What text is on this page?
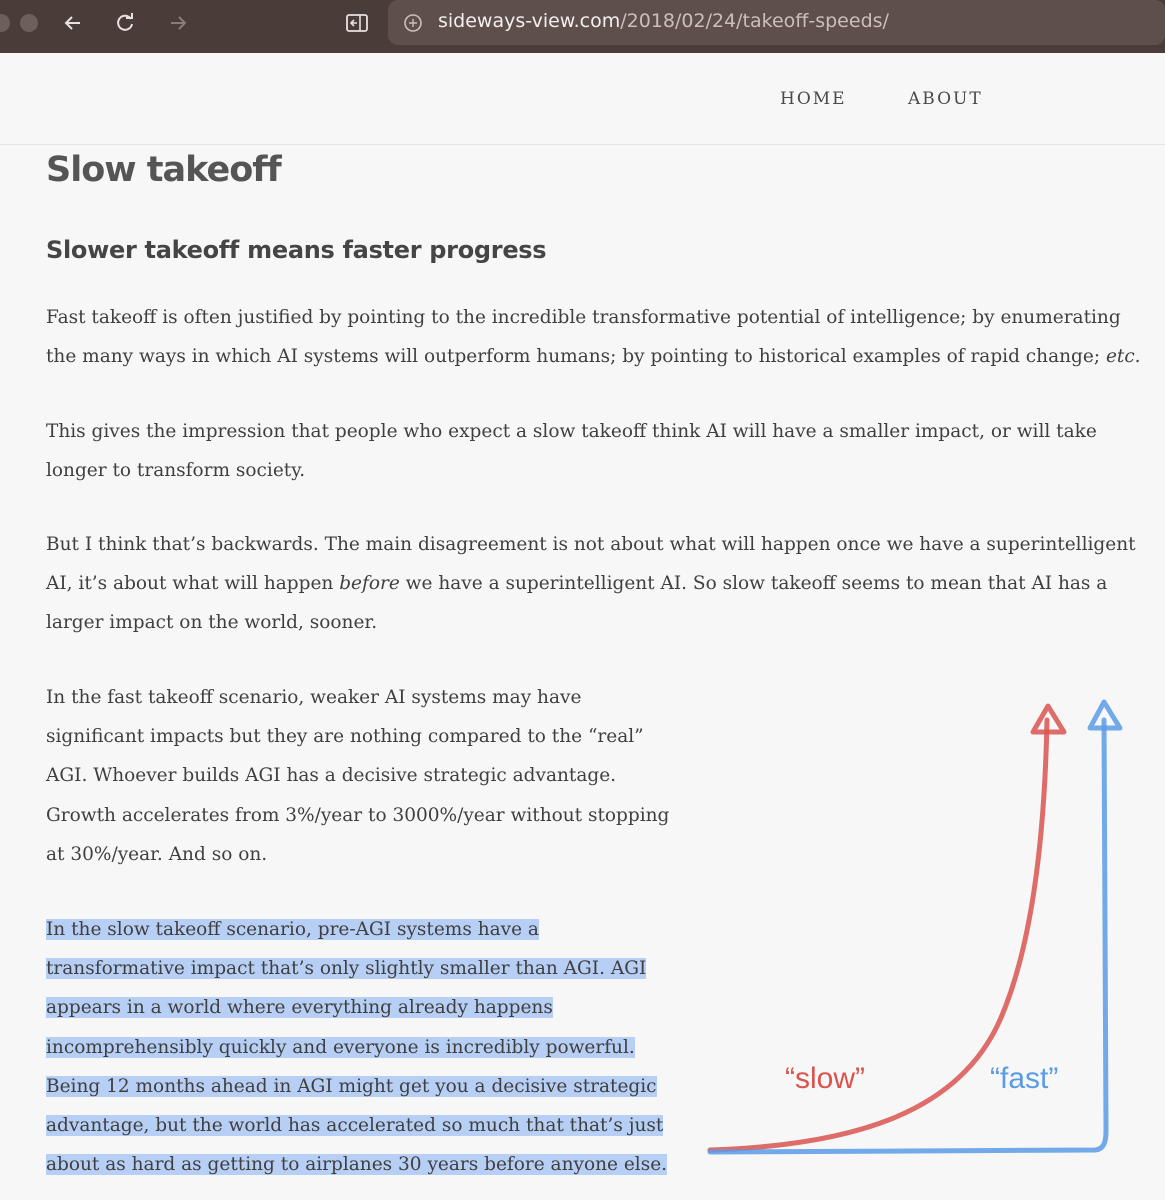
sideways-view.com/2018/02/24/takeoff-speeds/
HOME	ABOUT
Slow takeoff
Slower takeoff means faster progress
Fast takeoff is often justified by pointing to the incredible transformative potential of intelligence; by enumerating
the many ways in which AI systems will outperform humans; by pointing to historical examples of rapid change; etc.
This gives the impression that people who expect a slow takeoff think AI will have a smaller impact, or will take
longer to transform society.
But I think that’s backwards. The main disagreement is not about what will happen once we have a superintelligent
AI, it’s about what will happen before we have a superintelligent AI. So slow takeoff seems to mean that AI has a
larger impact on the world, sooner.
In the fast takeoff scenario, weaker AI systems may have
significant impacts but they are nothing compared to the “real”
AGI. Whoever builds AGI has a decisive strategic advantage.
Growth accelerates from 3%/year to 3000%/year without stopping
at 30%/year. And so on.
In the slow takeoff scenario, pre-AGI systems have a
transformative impact that’s only slightly smaller than AGI. AGI
appears in a world where everything already happens
incomprehensibly quickly and everyone is incredibly powerful.
Being 12 months ahead in AGI might get you a decisive strategic
advantage, but the world has accelerated so much that that’s just
about as hard as getting to airplanes 30 years before anyone else.
“slow”	“fast”
